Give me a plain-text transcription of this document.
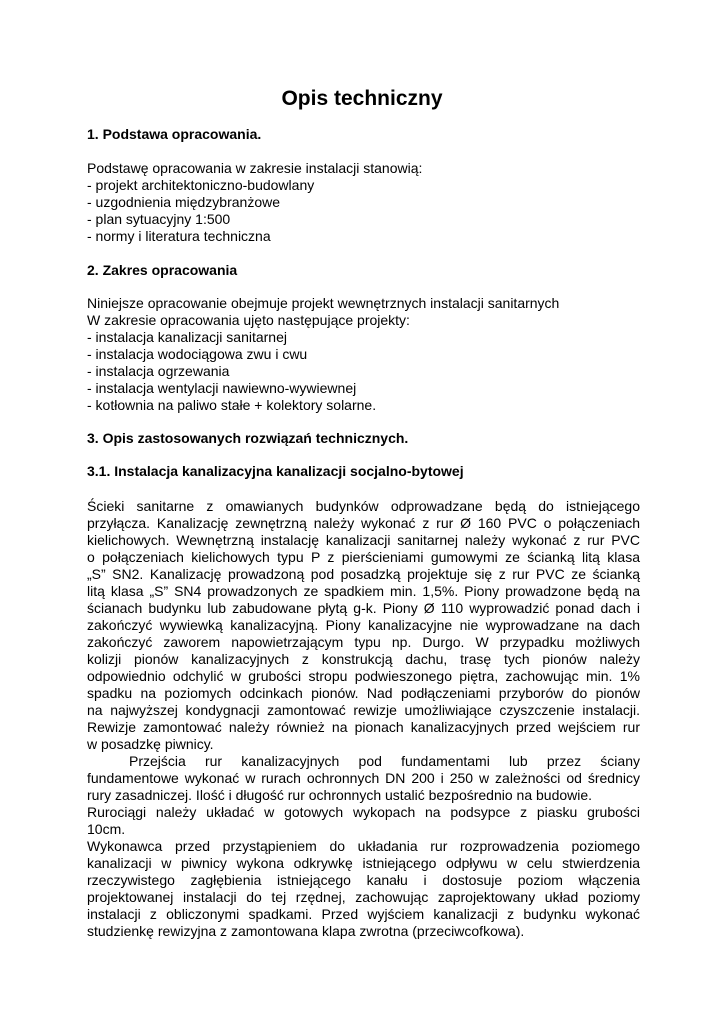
Opis techniczny
1. Podstawa opracowania.
Podstawę opracowania w zakresie instalacji stanowią:
- projekt architektoniczno-budowlany
- uzgodnienia międzybranżowe
- plan sytuacyjny 1:500
- normy i literatura techniczna
2. Zakres opracowania
Niniejsze opracowanie obejmuje projekt wewnętrznych instalacji sanitarnych
W zakresie opracowania ujęto następujące projekty:
- instalacja kanalizacji sanitarnej
- instalacja wodociągowa zwu i cwu
- instalacja ogrzewania
- instalacja wentylacji nawiewno-wywiewnej
- kotłownia na paliwo stałe + kolektory solarne.
3. Opis zastosowanych rozwiązań technicznych.
3.1. Instalacja kanalizacyjna kanalizacji socjalno-bytowej
Ścieki sanitarne z omawianych budynków odprowadzane będą do istniejącego
przyłącza. Kanalizację zewnętrzną należy wykonać z rur Ø 160 PVC o połączeniach
kielichowych. Wewnętrzną instalację kanalizacji sanitarnej należy wykonać z rur PVC
o połączeniach kielichowych typu P z pierścieniami gumowymi ze ścianką litą klasa
„S” SN2. Kanalizację prowadzoną pod posadzką projektuje się z rur PVC ze ścianką
litą klasa „S” SN4 prowadzonych ze spadkiem min. 1,5%. Piony prowadzone będą na
ścianach budynku lub zabudowane płytą g-k. Piony Ø 110 wyprowadzić ponad dach i
zakończyć wywiewką kanalizacyjną. Piony kanalizacyjne nie wyprowadzane na dach
zakończyć zaworem napowietrzającym typu np. Durgo. W przypadku możliwych
kolizji pionów kanalizacyjnych z konstrukcją dachu, trasę tych pionów należy
odpowiednio odchylić w grubości stropu podwieszonego piętra, zachowując min. 1%
spadku na poziomych odcinkach pionów. Nad podłączeniami przyborów do pionów
na najwyższej kondygnacji zamontować rewizje umożliwiające czyszczenie instalacji.
Rewizje zamontować należy również na pionach kanalizacyjnych przed wejściem rur
w posadzkę piwnicy.
Przejścia rur kanalizacyjnych pod fundamentami lub przez ściany
fundamentowe wykonać w rurach ochronnych DN 200 i 250 w zależności od średnicy
rury zasadniczej. Ilość i długość rur ochronnych ustalić bezpośrednio na budowie.
Rurociągi należy układać w gotowych wykopach na podsypce z piasku grubości
10cm.
Wykonawca przed przystąpieniem do układania rur rozprowadzenia poziomego
kanalizacji w piwnicy wykona odkrywkę istniejącego odpływu w celu stwierdzenia
rzeczywistego zagłębienia istniejącego kanału i dostosuje poziom włączenia
projektowanej instalacji do tej rzędnej, zachowując zaprojektowany układ poziomy
instalacji z obliczonymi spadkami. Przed wyjściem kanalizacji z budynku wykonać
studzienkę rewizyjna z zamontowana klapa zwrotna (przeciwcofkowa).
